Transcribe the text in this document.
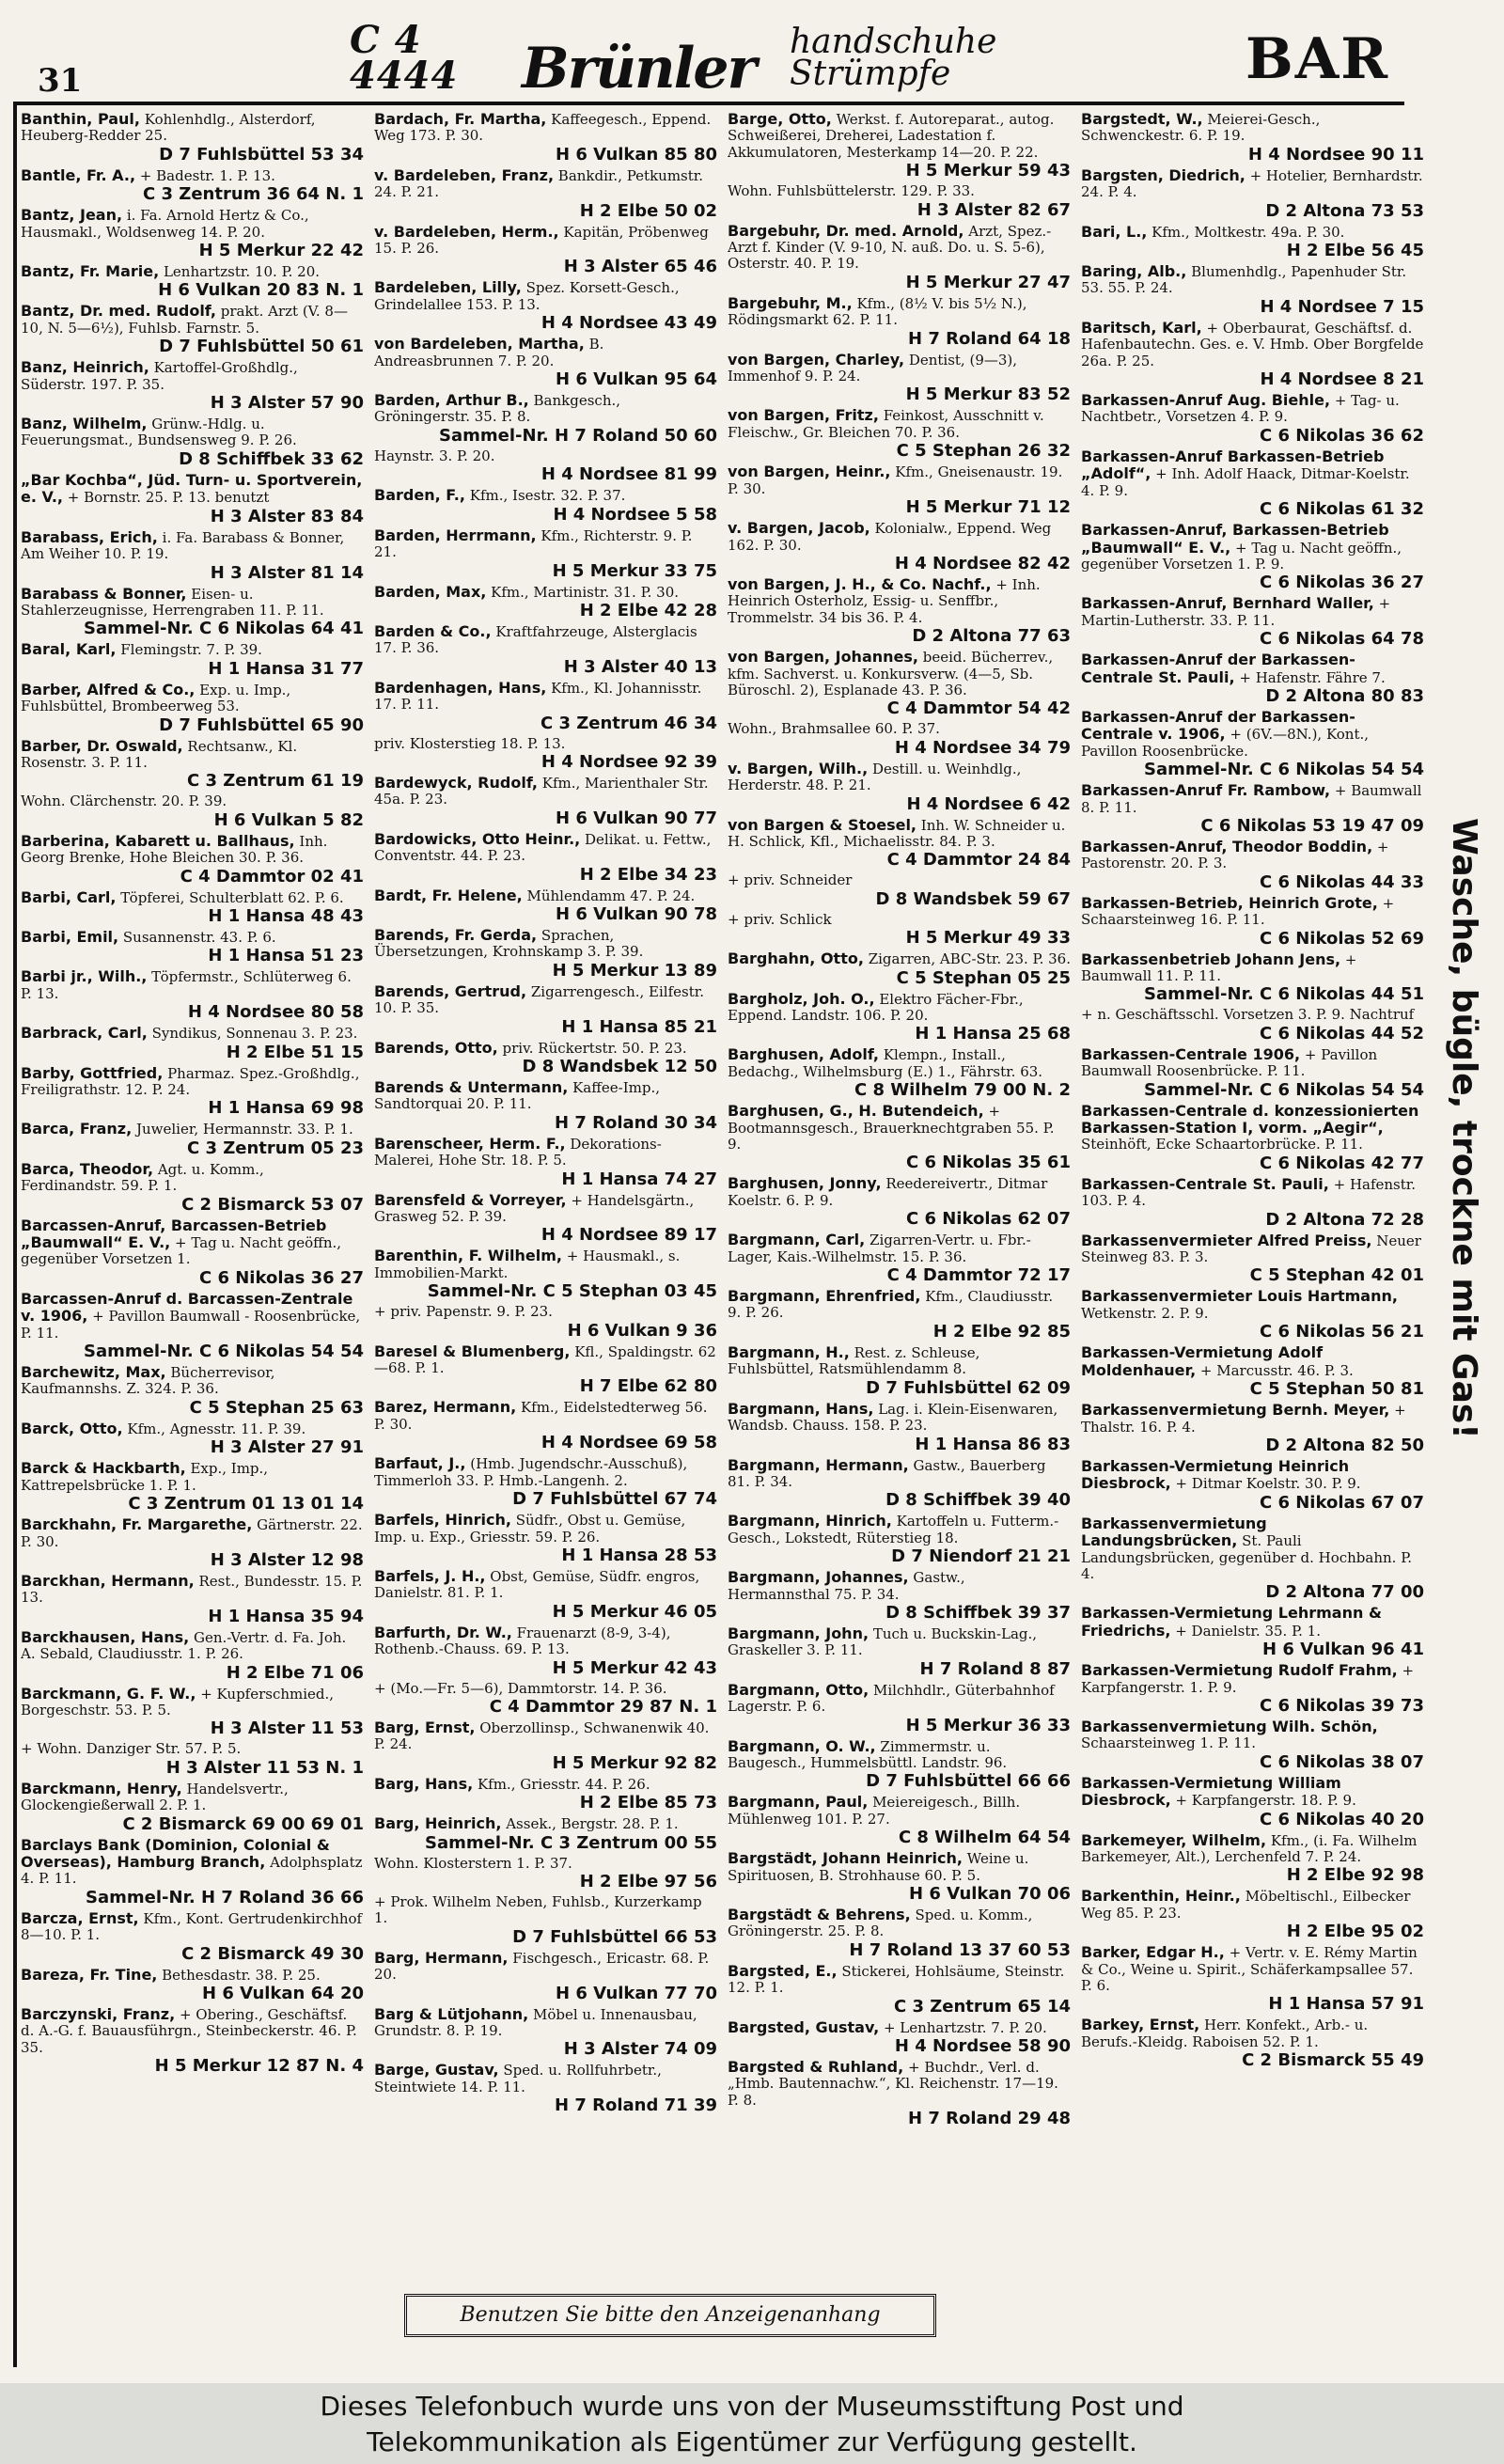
31
C 4
4444 Brünler handschuhe
Strümpfe	BAR
Banthin, Paul, Kohlenhdlg., Alsterdorf, Heuberg-Redder 25.
D 7 Fuhlsbüttel 53 34
Bantle, Fr. A., + Badestr. 1. P. 13.
C 3 Zentrum 36 64 N. 1
Bantz, Jean, i. Fa. Arnold Hertz & Co., Hausmakl., Woldsenweg 14. P. 20.
H 5 Merkur 22 42
Bantz, Fr. Marie, Lenhartzstr. 10. P. 20.
H 6 Vulkan 20 83 N. 1
Bantz, Dr. med. Rudolf, prakt. Arzt (V. 8—10, N. 5—6½), Fuhlsb. Farnstr. 5.
D 7 Fuhlsbüttel 50 61
Banz, Heinrich, Kartoffel-Großhdlg., Süderstr. 197. P. 35.
H 3 Alster 57 90
Banz, Wilhelm, Grünw.-Hdlg. u. Feuerungsmat., Bundsensweg 9. P. 26.
D 8 Schiffbek 33 62
„Bar Kochba“, Jüd. Turn- u. Sportverein, e. V., + Bornstr. 25. P. 13. benutzt
H 3 Alster 83 84
Barabass, Erich, i. Fa. Barabass & Bonner, Am Weiher 10. P. 19.
H 3 Alster 81 14
Barabass & Bonner, Eisen- u. Stahlerzeugnisse, Herrengraben 11. P. 11.
Sammel-Nr. C 6 Nikolas 64 41
Baral, Karl, Flemingstr. 7. P. 39.
H 1 Hansa 31 77
Barber, Alfred & Co., Exp. u. Imp., Fuhlsbüttel, Brombeerweg 53.
D 7 Fuhlsbüttel 65 90
Barber, Dr. Oswald, Rechtsanw., Kl. Rosenstr. 3. P. 11.
C 3 Zentrum 61 19
Wohn. Clärchenstr. 20. P. 39.
H 6 Vulkan 5 82
Barberina, Kabarett u. Ballhaus, Inh. Georg Brenke, Hohe Bleichen 30. P. 36.
C 4 Dammtor 02 41
Barbi, Carl, Töpferei, Schulterblatt 62. P. 6.
H 1 Hansa 48 43
Barbi, Emil, Susannenstr. 43. P. 6.
H 1 Hansa 51 23
Barbi jr., Wilh., Töpfermstr., Schlüterweg 6. P. 13.
H 4 Nordsee 80 58
Barbrack, Carl, Syndikus, Sonnenau 3. P. 23.
H 2 Elbe 51 15
Barby, Gottfried, Pharmaz. Spez.-Großhdlg., Freiligrathstr. 12. P. 24.
H 1 Hansa 69 98
Barca, Franz, Juwelier, Hermannstr. 33. P. 1.
C 3 Zentrum 05 23
Barca, Theodor, Agt. u. Komm., Ferdinandstr. 59. P. 1.
C 2 Bismarck 53 07
Barcassen-Anruf, Barcassen-Betrieb „Baumwall“ E. V., + Tag u. Nacht geöffn., gegenüber Vorsetzen 1.
C 6 Nikolas 36 27
Barcassen-Anruf d. Barcassen-Zentrale v. 1906, + Pavillon Baumwall - Roosenbrücke, P. 11.
Sammel-Nr. C 6 Nikolas 54 54
Barchewitz, Max, Bücherrevisor, Kaufmannshs. Z. 324. P. 36.
C 5 Stephan 25 63
Barck, Otto, Kfm., Agnesstr. 11. P. 39.
H 3 Alster 27 91
Barck & Hackbarth, Exp., Imp., Kattrepelsbrücke 1. P. 1.
C 3 Zentrum 01 13 01 14
Barckhahn, Fr. Margarethe, Gärtnerstr. 22. P. 30.
H 3 Alster 12 98
Barckhan, Hermann, Rest., Bundesstr. 15. P. 13.
H 1 Hansa 35 94
Barckhausen, Hans, Gen.-Vertr. d. Fa. Joh. A. Sebald, Claudiusstr. 1. P. 26.
H 2 Elbe 71 06
Barckmann, G. F. W., + Kupferschmied., Borgeschstr. 53. P. 5.
H 3 Alster 11 53
+ Wohn. Danziger Str. 57. P. 5.
H 3 Alster 11 53 N. 1
Barckmann, Henry, Handelsvertr., Glockengießerwall 2. P. 1.
C 2 Bismarck 69 00 69 01
Barclays Bank (Dominion, Colonial & Overseas), Hamburg Branch, Adolphsplatz 4. P. 11.
Sammel-Nr. H 7 Roland 36 66
Barcza, Ernst, Kfm., Kont. Gertrudenkirchhof 8—10. P. 1.
C 2 Bismarck 49 30
Bareza, Fr. Tine, Bethesdastr. 38. P. 25.
H 6 Vulkan 64 20
Barczynski, Franz, + Obering., Geschäftsf. d. A.-G. f. Bauausführgn., Steinbeckerstr. 46. P. 35.
H 5 Merkur 12 87 N. 4
Bardach, Fr. Martha, Kaffeegesch., Eppend. Weg 173. P. 30.
H 6 Vulkan 85 80
v. Bardeleben, Franz, Bankdir., Petkumstr. 24. P. 21.
H 2 Elbe 50 02
v. Bardeleben, Herm., Kapitän, Pröbenweg 15. P. 26.
H 3 Alster 65 46
Bardeleben, Lilly, Spez. Korsett-Gesch., Grindelallee 153. P. 13.
H 4 Nordsee 43 49
von Bardeleben, Martha, B. Andreasbrunnen 7. P. 20.
H 6 Vulkan 95 64
Barden, Arthur B., Bankgesch., Gröningerstr. 35. P. 8.
Sammel-Nr. H 7 Roland 50 60
Haynstr. 3. P. 20.
H 4 Nordsee 81 99
Barden, F., Kfm., Isestr. 32. P. 37.
H 4 Nordsee 5 58
Barden, Herrmann, Kfm., Richterstr. 9. P. 21.
H 5 Merkur 33 75
Barden, Max, Kfm., Martinistr. 31. P. 30.
H 2 Elbe 42 28
Barden & Co., Kraftfahrzeuge, Alsterglacis 17. P. 36.
H 3 Alster 40 13
Bardenhagen, Hans, Kfm., Kl. Johannisstr. 17. P. 11.
C 3 Zentrum 46 34
priv. Klosterstieg 18. P. 13.
H 4 Nordsee 92 39
Bardewyck, Rudolf, Kfm., Marienthaler Str. 45a. P. 23.
H 6 Vulkan 90 77
Bardowicks, Otto Heinr., Delikat. u. Fettw., Conventstr. 44. P. 23.
H 2 Elbe 34 23
Bardt, Fr. Helene, Mühlendamm 47. P. 24.
H 6 Vulkan 90 78
Barends, Fr. Gerda, Sprachen, Übersetzungen, Krohnskamp 3. P. 39.
H 5 Merkur 13 89
Barends, Gertrud, Zigarrengesch., Eilfestr. 10. P. 35.
H 1 Hansa 85 21
Barends, Otto, priv. Rückertstr. 50. P. 23.
D 8 Wandsbek 12 50
Barends & Untermann, Kaffee-Imp., Sandtorquai 20. P. 11.
H 7 Roland 30 34
Barenscheer, Herm. F., Dekorations-Malerei, Hohe Str. 18. P. 5.
H 1 Hansa 74 27
Barensfeld & Vorreyer, + Handelsgärtn., Grasweg 52. P. 39.
H 4 Nordsee 89 17
Barenthin, F. Wilhelm, + Hausmakl., s. Immobilien-Markt.
Sammel-Nr. C 5 Stephan 03 45
+ priv. Papenstr. 9. P. 23.
H 6 Vulkan 9 36
Baresel & Blumenberg, Kfl., Spaldingstr. 62—68. P. 1.
H 7 Elbe 62 80
Barez, Hermann, Kfm., Eidelstedterweg 56. P. 30.
H 4 Nordsee 69 58
Barfaut, J., (Hmb. Jugendschr.-Ausschuß), Timmerloh 33. P. Hmb.-Langenh. 2.
D 7 Fuhlsbüttel 67 74
Barfels, Hinrich, Südfr., Obst u. Gemüse, Imp. u. Exp., Griesstr. 59. P. 26.
H 1 Hansa 28 53
Barfels, J. H., Obst, Gemüse, Südfr. engros, Danielstr. 81. P. 1.
H 5 Merkur 46 05
Barfurth, Dr. W., Frauenarzt (8-9, 3-4), Rothenb.-Chauss. 69. P. 13.
H 5 Merkur 42 43
+ (Mo.—Fr. 5—6), Dammtorstr. 14. P. 36.
C 4 Dammtor 29 87 N. 1
Barg, Ernst, Oberzollinsp., Schwanenwik 40. P. 24.
H 5 Merkur 92 82
Barg, Hans, Kfm., Griesstr. 44. P. 26.
H 2 Elbe 85 73
Barg, Heinrich, Assek., Bergstr. 28. P. 1.
Sammel-Nr. C 3 Zentrum 00 55
Wohn. Klosterstern 1. P. 37.
H 2 Elbe 97 56
+ Prok. Wilhelm Neben, Fuhlsb., Kurzerkamp 1.
D 7 Fuhlsbüttel 66 53
Barg, Hermann, Fischgesch., Ericastr. 68. P. 20.
H 6 Vulkan 77 70
Barg & Lütjohann, Möbel u. Innenausbau, Grundstr. 8. P. 19.
H 3 Alster 74 09
Barge, Gustav, Sped. u. Rollfuhrbetr., Steintwiete 14. P. 11.
H 7 Roland 71 39
Barge, Otto, Werkst. f. Autoreparat., autog. Schweißerei, Dreherei, Ladestation f. Akkumulatoren, Mesterkamp 14—20. P. 22.
H 5 Merkur 59 43
Wohn. Fuhlsbüttelerstr. 129. P. 33.
H 3 Alster 82 67
Bargebuhr, Dr. med. Arnold, Arzt, Spez.-Arzt f. Kinder (V. 9-10, N. auß. Do. u. S. 5-6), Osterstr. 40. P. 19.
H 5 Merkur 27 47
Bargebuhr, M., Kfm., (8½ V. bis 5½ N.), Rödingsmarkt 62. P. 11.
H 7 Roland 64 18
von Bargen, Charley, Dentist, (9—3), Immenhof 9. P. 24.
H 5 Merkur 83 52
von Bargen, Fritz, Feinkost, Ausschnitt v. Fleischw., Gr. Bleichen 70. P. 36.
C 5 Stephan 26 32
von Bargen, Heinr., Kfm., Gneisenaustr. 19. P. 30.
H 5 Merkur 71 12
v. Bargen, Jacob, Kolonialw., Eppend. Weg 162. P. 30.
H 4 Nordsee 82 42
von Bargen, J. H., & Co. Nachf., + Inh. Heinrich Osterholz, Essig- u. Senffbr., Trommelstr. 34 bis 36. P. 4.
D 2 Altona 77 63
von Bargen, Johannes, beeid. Bücherrev., kfm. Sachverst. u. Konkursverw. (4—5, Sb. Büroschl. 2), Esplanade 43. P. 36.
C 4 Dammtor 54 42
Wohn., Brahmsallee 60. P. 37.
H 4 Nordsee 34 79
v. Bargen, Wilh., Destill. u. Weinhdlg., Herderstr. 48. P. 21.
H 4 Nordsee 6 42
von Bargen & Stoesel, Inh. W. Schneider u. H. Schlick, Kfl., Michaelisstr. 84. P. 3.
C 4 Dammtor 24 84
+ priv. Schneider
D 8 Wandsbek 59 67
+ priv. Schlick
H 5 Merkur 49 33
Barghahn, Otto, Zigarren, ABC-Str. 23. P. 36.
C 5 Stephan 05 25
Bargholz, Joh. O., Elektro Fächer-Fbr., Eppend. Landstr. 106. P. 20.
H 1 Hansa 25 68
Barghusen, Adolf, Klempn., Install., Bedachg., Wilhelmsburg (E.) 1., Fährstr. 63.
C 8 Wilhelm 79 00 N. 2
Barghusen, G., H. Butendeich, + Bootmannsgesch., Brauerknechtgraben 55. P. 9.
C 6 Nikolas 35 61
Barghusen, Jonny, Reedereivertr., Ditmar Koelstr. 6. P. 9.
C 6 Nikolas 62 07
Bargmann, Carl, Zigarren-Vertr. u. Fbr.-Lager, Kais.-Wilhelmstr. 15. P. 36.
C 4 Dammtor 72 17
Bargmann, Ehrenfried, Kfm., Claudiusstr. 9. P. 26.
H 2 Elbe 92 85
Bargmann, H., Rest. z. Schleuse, Fuhlsbüttel, Ratsmühlendamm 8.
D 7 Fuhlsbüttel 62 09
Bargmann, Hans, Lag. i. Klein-Eisenwaren, Wandsb. Chauss. 158. P. 23.
H 1 Hansa 86 83
Bargmann, Hermann, Gastw., Bauerberg 81. P. 34.
D 8 Schiffbek 39 40
Bargmann, Hinrich, Kartoffeln u. Futterm.-Gesch., Lokstedt, Rüterstieg 18.
D 7 Niendorf 21 21
Bargmann, Johannes, Gastw., Hermannsthal 75. P. 34.
D 8 Schiffbek 39 37
Bargmann, John, Tuch u. Buckskin-Lag., Graskeller 3. P. 11.
H 7 Roland 8 87
Bargmann, Otto, Milchhdlr., Güterbahnhof Lagerstr. P. 6.
H 5 Merkur 36 33
Bargmann, O. W., Zimmermstr. u. Baugesch., Hummelsbüttl. Landstr. 96.
D 7 Fuhlsbüttel 66 66
Bargmann, Paul, Meiereigesch., Billh. Mühlenweg 101. P. 27.
C 8 Wilhelm 64 54
Bargstädt, Johann Heinrich, Weine u. Spirituosen, B. Strohhause 60. P. 5.
H 6 Vulkan 70 06
Bargstädt & Behrens, Sped. u. Komm., Gröningerstr. 25. P. 8.
H 7 Roland 13 37 60 53
Bargsted, E., Stickerei, Hohlsäume, Steinstr. 12. P. 1.
C 3 Zentrum 65 14
Bargsted, Gustav, + Lenhartzstr. 7. P. 20.
H 4 Nordsee 58 90
Bargsted & Ruhland, + Buchdr., Verl. d. „Hmb. Bautennachw.“, Kl. Reichenstr. 17—19. P. 8.
H 7 Roland 29 48
Bargstedt, W., Meierei-Gesch., Schwenckestr. 6. P. 19.
H 4 Nordsee 90 11
Bargsten, Diedrich, + Hotelier, Bernhardstr. 24. P. 4.
D 2 Altona 73 53
Bari, L., Kfm., Moltkestr. 49a. P. 30.
H 2 Elbe 56 45
Baring, Alb., Blumenhdlg., Papenhuder Str. 53. 55. P. 24.
H 4 Nordsee 7 15
Baritsch, Karl, + Oberbaurat, Geschäftsf. d. Hafenbautechn. Ges. e. V. Hmb. Ober Borgfelde 26a. P. 25.
H 4 Nordsee 8 21
Barkassen-Anruf Aug. Biehle, + Tag- u. Nachtbetr., Vorsetzen 4. P. 9.
C 6 Nikolas 36 62
Barkassen-Anruf Barkassen-Betrieb „Adolf“, + Inh. Adolf Haack, Ditmar-Koelstr. 4. P. 9.
C 6 Nikolas 61 32
Barkassen-Anruf, Barkassen-Betrieb „Baumwall“ E. V., + Tag u. Nacht geöffn., gegenüber Vorsetzen 1. P. 9.
C 6 Nikolas 36 27
Barkassen-Anruf, Bernhard Waller, + Martin-Lutherstr. 33. P. 11.
C 6 Nikolas 64 78
Barkassen-Anruf der Barkassen-Centrale St. Pauli, + Hafenstr. Fähre 7.
D 2 Altona 80 83
Barkassen-Anruf der Barkassen-Centrale v. 1906, + (6V.—8N.), Kont., Pavillon Roosenbrücke.
Sammel-Nr. C 6 Nikolas 54 54
Barkassen-Anruf Fr. Rambow, + Baumwall 8. P. 11.
C 6 Nikolas 53 19 47 09
Barkassen-Anruf, Theodor Boddin, + Pastorenstr. 20. P. 3.
C 6 Nikolas 44 33
Barkassen-Betrieb, Heinrich Grote, + Schaarsteinweg 16. P. 11.
C 6 Nikolas 52 69
Barkassenbetrieb Johann Jens, + Baumwall 11. P. 11.
Sammel-Nr. C 6 Nikolas 44 51
+ n. Geschäftsschl. Vorsetzen 3. P. 9. Nachtruf
C 6 Nikolas 44 52
Barkassen-Centrale 1906, + Pavillon Baumwall Roosenbrücke. P. 11.
Sammel-Nr. C 6 Nikolas 54 54
Barkassen-Centrale d. konzessionierten Barkassen-Station I, vorm. „Aegir“, Steinhöft, Ecke Schaartorbrücke. P. 11.
C 6 Nikolas 42 77
Barkassen-Centrale St. Pauli, + Hafenstr. 103. P. 4.
D 2 Altona 72 28
Barkassenvermieter Alfred Preiss, Neuer Steinweg 83. P. 3.
C 5 Stephan 42 01
Barkassenvermieter Louis Hartmann, Wetkenstr. 2. P. 9.
C 6 Nikolas 56 21
Barkassen-Vermietung Adolf Moldenhauer, + Marcusstr. 46. P. 3.
C 5 Stephan 50 81
Barkassenvermietung Bernh. Meyer, + Thalstr. 16. P. 4.
D 2 Altona 82 50
Barkassen-Vermietung Heinrich Diesbrock, + Ditmar Koelstr. 30. P. 9.
C 6 Nikolas 67 07
Barkassenvermietung Landungsbrücken, St. Pauli Landungsbrücken, gegenüber d. Hochbahn. P. 4.
D 2 Altona 77 00
Barkassen-Vermietung Lehrmann & Friedrichs, + Danielstr. 35. P. 1.
H 6 Vulkan 96 41
Barkassen-Vermietung Rudolf Frahm, + Karpfangerstr. 1. P. 9.
C 6 Nikolas 39 73
Barkassenvermietung Wilh. Schön, Schaarsteinweg 1. P. 11.
C 6 Nikolas 38 07
Barkassen-Vermietung William Diesbrock, + Karpfangerstr. 18. P. 9.
C 6 Nikolas 40 20
Barkemeyer, Wilhelm, Kfm., (i. Fa. Wilhelm Barkemeyer, Alt.), Lerchenfeld 7. P. 24.
H 2 Elbe 92 98
Barkenthin, Heinr., Möbeltischl., Eilbecker Weg 85. P. 23.
H 2 Elbe 95 02
Barker, Edgar H., + Vertr. v. E. Rémy Martin & Co., Weine u. Spirit., Schäferkampsallee 57. P. 6.
H 1 Hansa 57 91
Barkey, Ernst, Herr. Konfekt., Arb.- u. Berufs.-Kleidg. Raboisen 52. P. 1.
C 2 Bismarck 55 49
Wasche, bügle, trockne mit Gas!
Benutzen Sie bitte den Anzeigenanhang
Dieses Telefonbuch wurde uns von der Museumsstiftung Post und
Telekommunikation als Eigentümer zur Verfügung gestellt.
